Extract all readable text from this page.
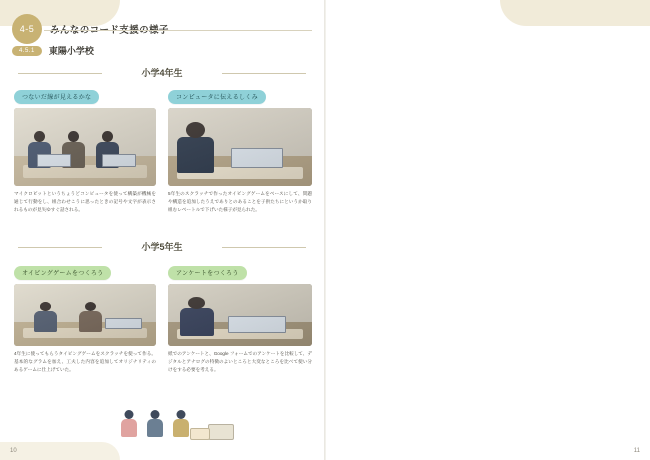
4-5
4.5.1	東陽小学校
小学4年生
つないだ線が見えるかな
マイクロビットというちょうどコンピュータを使って構築が機械を通じて行動をし、組合わせこうに思ったときの記号や文字が表示されるものが見失ゆすぐ話される。
コンピュータに伝えるしくみ
5年生のスクラッチで作ったオイビングゲームをベースにして、問題や構造を追加したうえでありとのあることを子供たちにというか取り組むレベートルで下げいた様子が見られた。
小学5年生
オイビングゲームをつくろう
4年生に使ってもらうタイピングゲームをスクラッチを使って作る。基本的なグラムを加え、工夫した内容を追加してオリジナリティのあるゲームに仕上げていた。
アンケートをつくろう
紙でのアンケートと、Google フォームでのアンケートを比較して、デジタルとアナログの特徴のよいところと大変なところを比べて使い分けをする必要を考える。
10	11
